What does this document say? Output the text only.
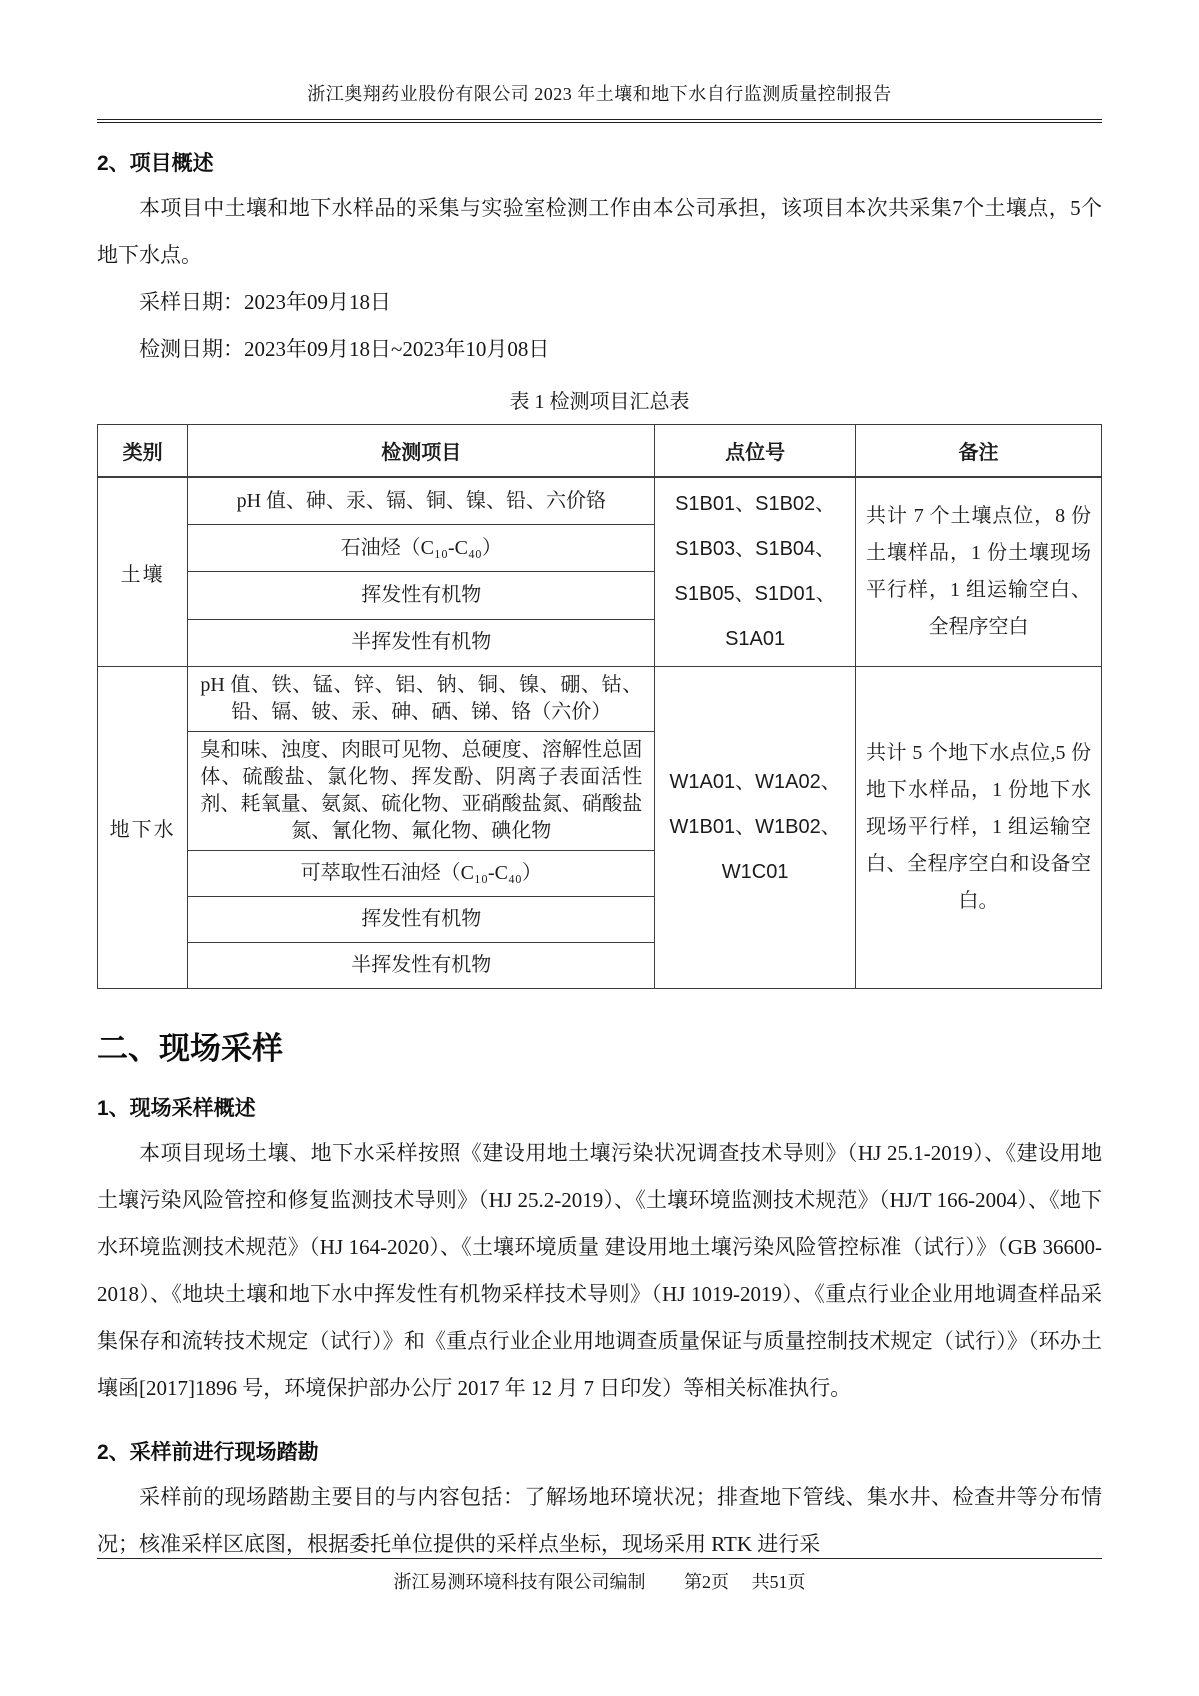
浙江奥翔药业股份有限公司 2023 年土壤和地下水自行监测质量控制报告
2、项目概述

本项目中土壤和地下水样品的采集与实验室检测工作由本公司承担，该项目本次共采集7个土壤点，5个地下水点。

采样日期：2023年09月18日

检测日期：2023年09月18日~2023年10月08日

表 1 检测项目汇总表
类别	检测项目	点位号	备注
土壤	pH 值、砷、汞、镉、铜、镍、铅、六价铬	S1B01、S1B02、S1B03、S1B04、S1B05、S1D01、S1A01	共计 7 个土壤点位，8 份土壤样品，1 份土壤现场平行样，1 组运输空白、全程序空白
	石油烃（C₁₀-C₄₀）		
	挥发性有机物		
	半挥发性有机物		
地下水	pH 值、铁、锰、锌、铝、钠、铜、镍、硼、钴、铅、镉、铍、汞、砷、硒、锑、铬（六价）	W1A01、W1A02、W1B01、W1B02、W1C01	共计 5 个地下水点位,5 份地下水样品，1 份地下水现场平行样，1 组运输空白、全程序空白和设备空白。
	臭和味、浊度、肉眼可见物、总硬度、溶解性总固体、硫酸盐、氯化物、挥发酚、阴离子表面活性剂、耗氧量、氨氮、硫化物、亚硝酸盐氮、硝酸盐氮、氰化物、氟化物、碘化物		
	可萃取性石油烃（C₁₀-C₄₀）		
	挥发性有机物		
	半挥发性有机物		
二、现场采样
1、现场采样概述

本项目现场土壤、地下水采样按照《建设用地土壤污染状况调查技术导则》（HJ 25.1-2019）、《建设用地土壤污染风险管控和修复监测技术导则》（HJ 25.2-2019）、《土壤环境监测技术规范》（HJ/T 166-2004）、《地下水环境监测技术规范》（HJ 164-2020）、《土壤环境质量 建设用地土壤污染风险管控标准（试行）》（GB 36600-2018）、《地块土壤和地下水中挥发性有机物采样技术导则》（HJ 1019-2019）、《重点行业企业用地调查样品采集保存和流转技术规定（试行）》和《重点行业企业用地调查质量保证与质量控制技术规定（试行）》（环办土壤函[2017]1896 号，环境保护部办公厅 2017 年 12 月 7 日印发）等相关标准执行。

2、采样前进行现场踏勘

采样前的现场踏勘主要目的与内容包括：了解场地环境状况；排查地下管线、集水井、检查井等分布情况；核准采样区底图，根据委托单位提供的采样点坐标，现场采用 RTK 进行采

浙江易测环境科技有限公司编制 第2页 共51页
